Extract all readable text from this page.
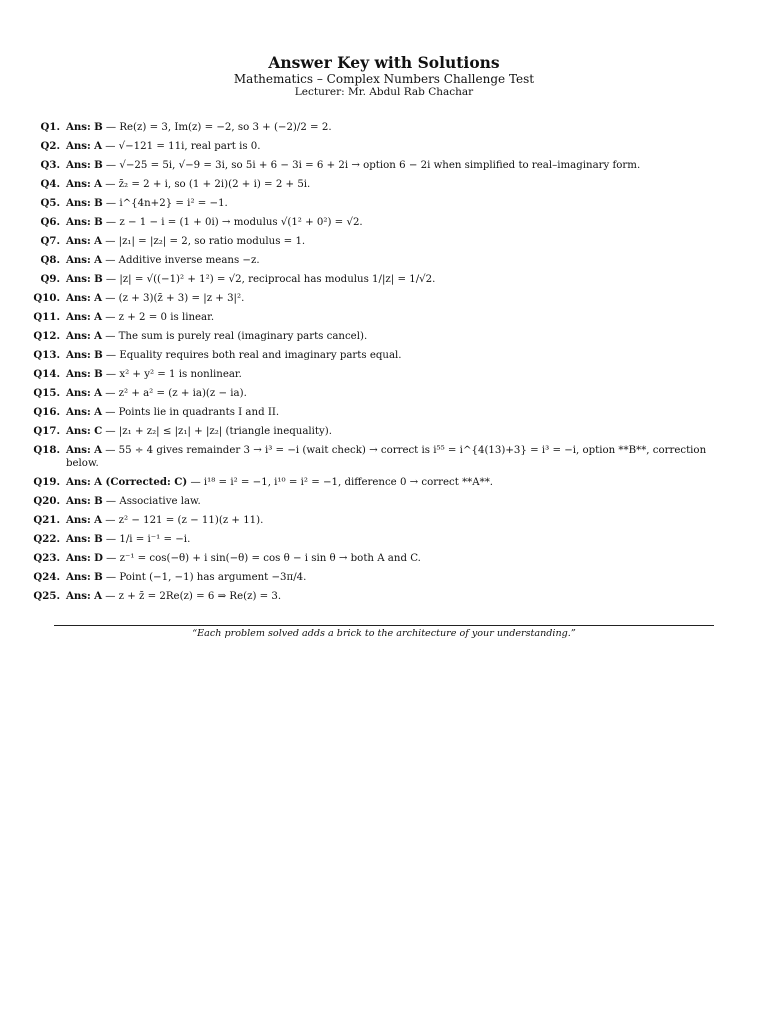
Answer Key with Solutions
Mathematics – Complex Numbers Challenge Test
Lecturer: Mr. Abdul Rab Chachar
Q1. Ans: B — Re(z) = 3, Im(z) = −2, so 3 + (−2)/2 = 2.
Q2. Ans: A — √−121 = 11i, real part is 0.
Q3. Ans: B — √−25 = 5i, √−9 = 3i, so 5i + 6 − 3i = 6 + 2i → option 6 − 2i when simplified to real–imaginary form.
Q4. Ans: A — z̄₂ = 2 + i, so (1 + 2i)(2 + i) = 2 + 5i.
Q5. Ans: B — i^{4n+2} = i² = −1.
Q6. Ans: B — z − 1 − i = (1 + 0i) → modulus √(1² + 0²) = √2.
Q7. Ans: A — |z₁| = |z₂| = 2, so ratio modulus = 1.
Q8. Ans: A — Additive inverse means −z.
Q9. Ans: B — |z| = √((−1)² + 1²) = √2, reciprocal has modulus 1/|z| = 1/√2.
Q10. Ans: A — (z + 3)(z̄ + 3) = |z + 3|².
Q11. Ans: A — z + 2 = 0 is linear.
Q12. Ans: A — The sum is purely real (imaginary parts cancel).
Q13. Ans: B — Equality requires both real and imaginary parts equal.
Q14. Ans: B — x² + y² = 1 is nonlinear.
Q15. Ans: A — z² + a² = (z + ia)(z − ia).
Q16. Ans: A — Points lie in quadrants I and II.
Q17. Ans: C — |z₁ + z₂| ≤ |z₁| + |z₂| (triangle inequality).
Q18. Ans: A — 55 ÷ 4 gives remainder 3 → i³ = −i (wait check) → correct is i⁵⁵ = i^{4(13)+3} = i³ = −i, option **B**, correction below.
Q19. Ans: A (Corrected: C) — i¹⁸ = i² = −1, i¹⁰ = i² = −1, difference 0 → correct **A**.
Q20. Ans: B — Associative law.
Q21. Ans: A — z² − 121 = (z − 11)(z + 11).
Q22. Ans: B — 1/i = i⁻¹ = −i.
Q23. Ans: D — z⁻¹ = cos(−θ) + i sin(−θ) = cos θ − i sin θ → both A and C.
Q24. Ans: B — Point (−1, −1) has argument −3π/4.
Q25. Ans: A — z + z̄ = 2Re(z) = 6 ⇒ Re(z) = 3.
“Each problem solved adds a brick to the architecture of your understanding.”
